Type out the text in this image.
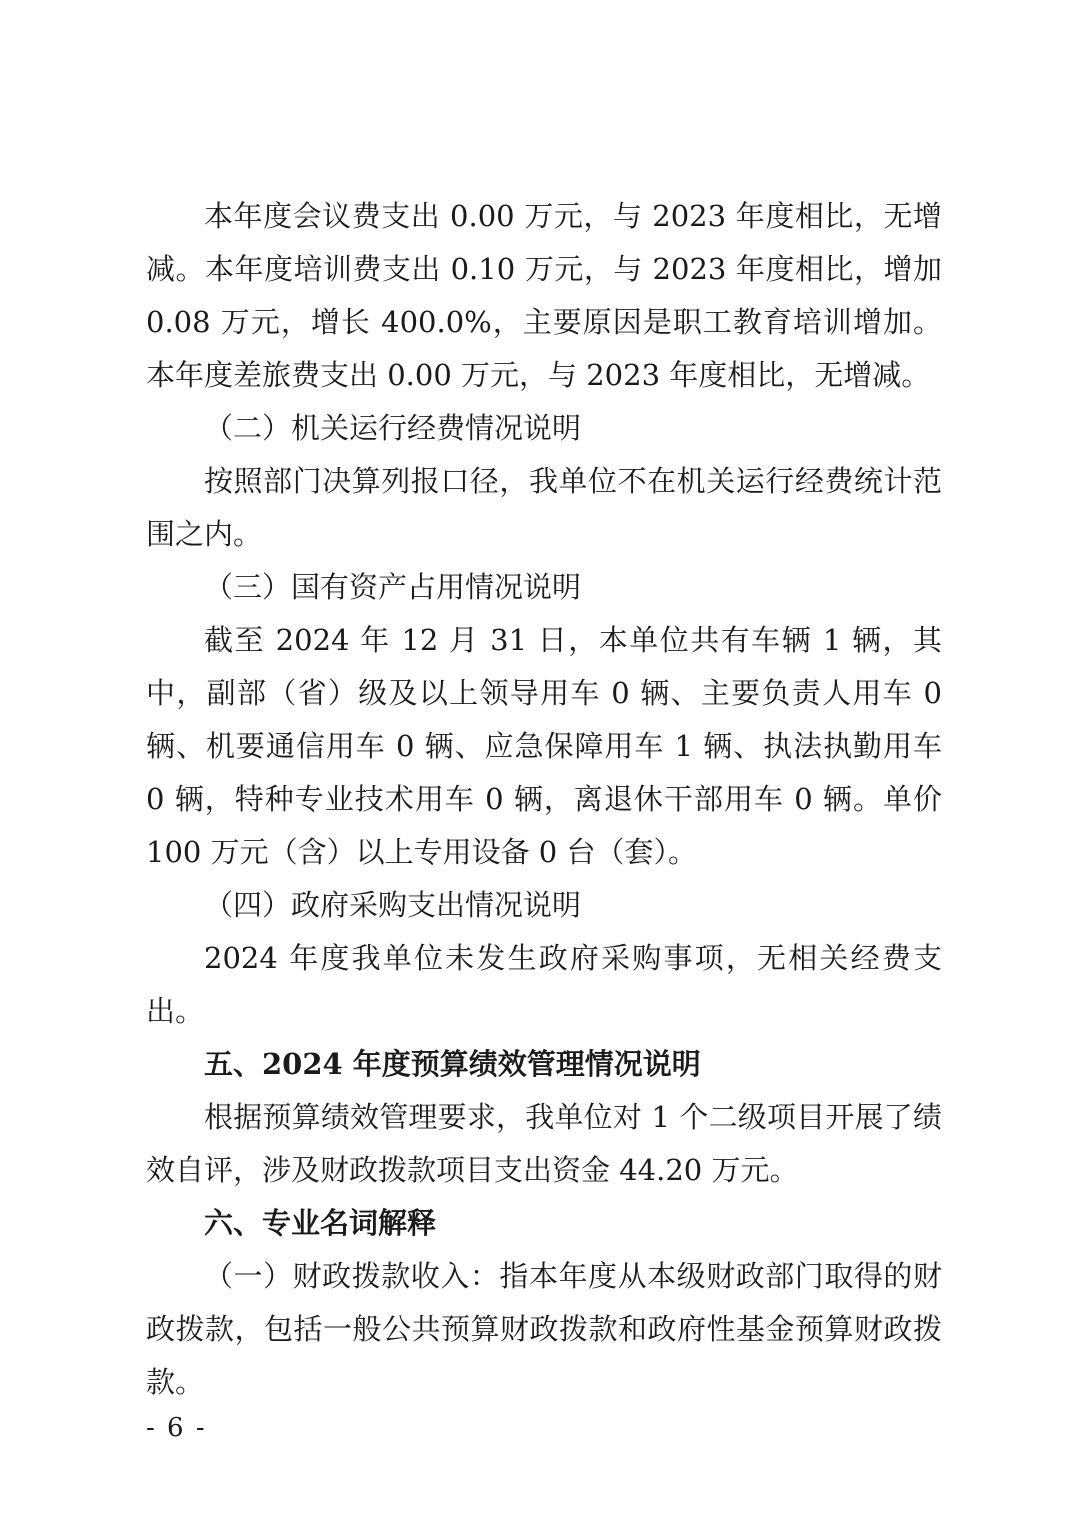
本年度会议费支出 0.00 万元，与 2023 年度相比，无增减。本年度培训费支出 0.10 万元，与 2023 年度相比，增加 0.08 万元，增长 400.0%，主要原因是职工教育培训增加。本年度差旅费支出 0.00 万元，与 2023 年度相比，无增减。

（二）机关运行经费情况说明

按照部门决算列报口径，我单位不在机关运行经费统计范围之内。

（三）国有资产占用情况说明

截至 2024 年 12 月 31 日，本单位共有车辆 1 辆，其中，副部（省）级及以上领导用车 0 辆、主要负责人用车 0 辆、机要通信用车 0 辆、应急保障用车 1 辆、执法执勤用车 0 辆，特种专业技术用车 0 辆，离退休干部用车 0 辆。单价 100 万元（含）以上专用设备 0 台（套）。

（四）政府采购支出情况说明

2024 年度我单位未发生政府采购事项，无相关经费支出。

五、2024 年度预算绩效管理情况说明

根据预算绩效管理要求，我单位对 1 个二级项目开展了绩效自评，涉及财政拨款项目支出资金 44.20 万元。

六、专业名词解释

（一）财政拨款收入：指本年度从本级财政部门取得的财政拨款，包括一般公共预算财政拨款和政府性基金预算财政拨款。

- 6 -
